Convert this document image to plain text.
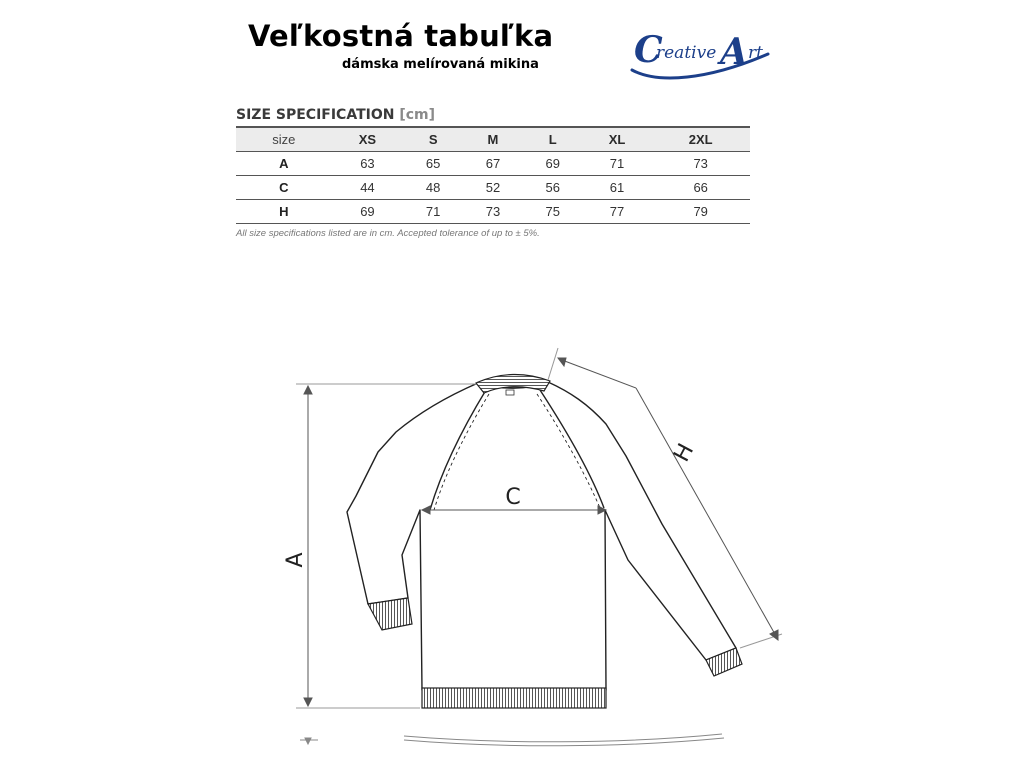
Veľkostná tabuľka
dámska melírovaná mikina	C
reative A rt
SIZE SPECIFICATION [cm]
size	XS	S	M	L	XL	2XL
A	63	65	67	69	71	73
C	44	48	52	56	61	66
H	69	71	73	75	77	79
All size specifications listed are in cm. Accepted tolerance of up to ± 5%.
A
C
H
